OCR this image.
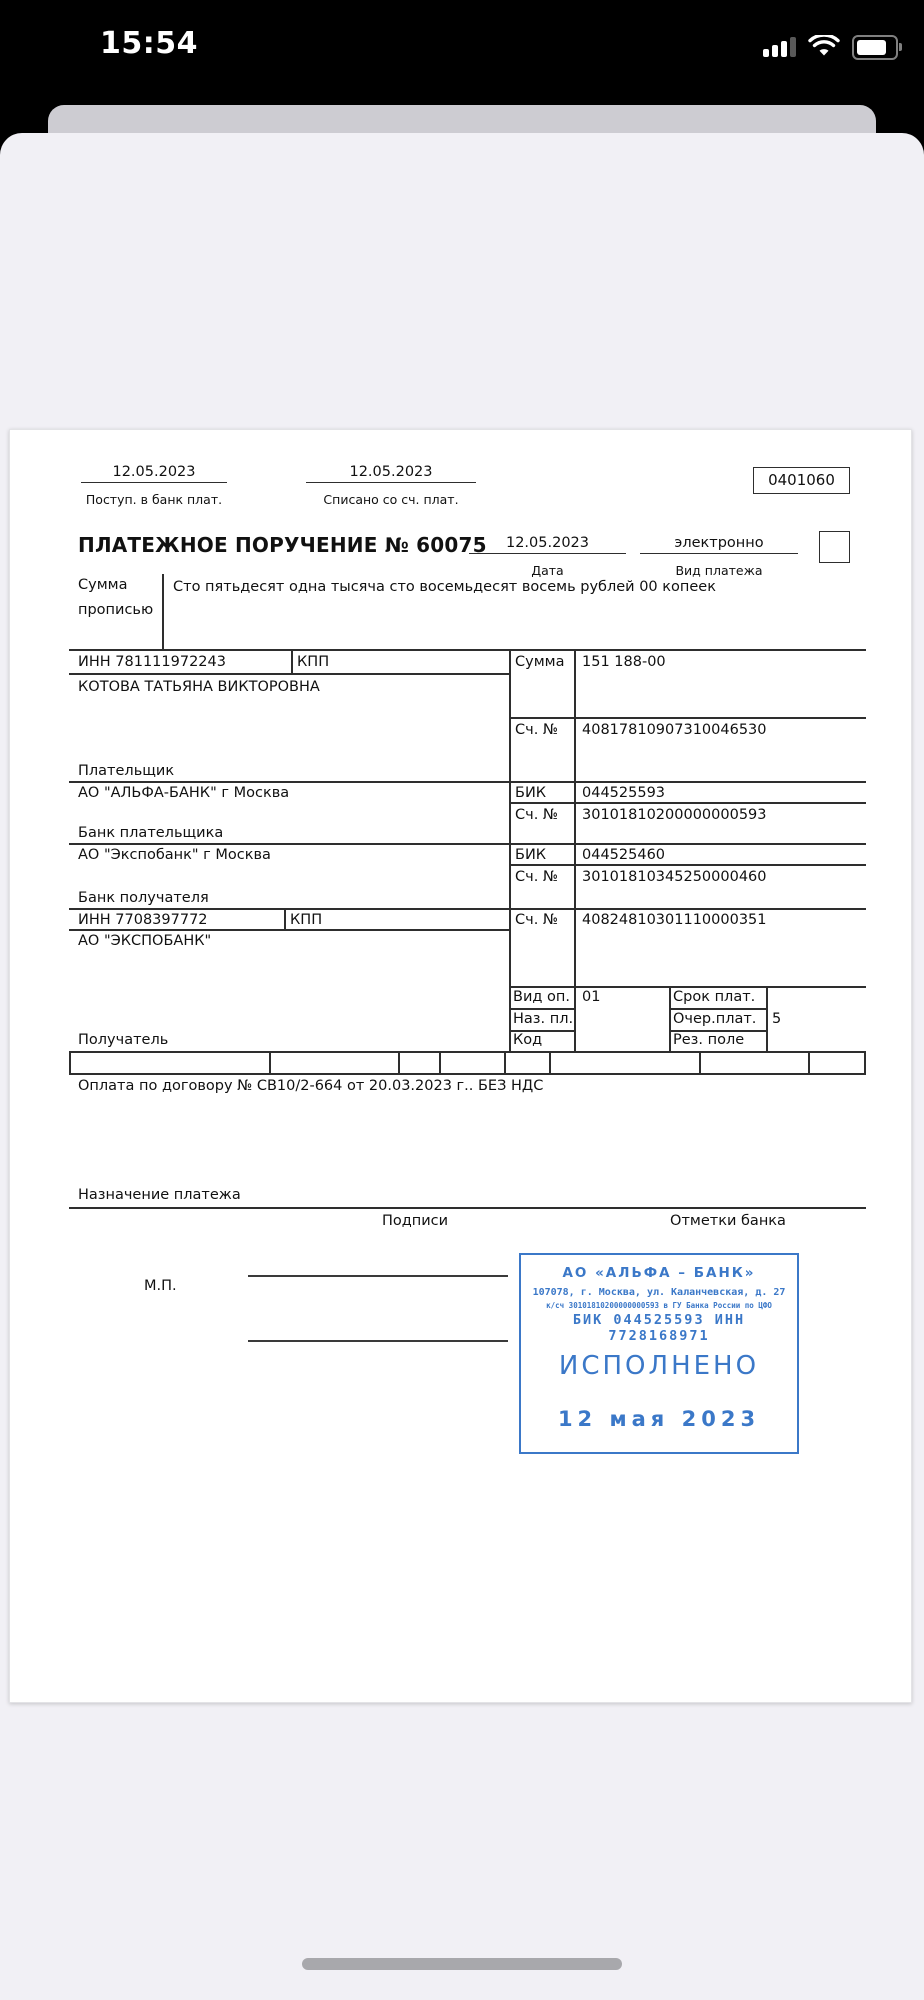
15:54
12.05.2023
Поступ. в банк плат.
12.05.2023
Списано со сч. плат.
0401060
ПЛАТЕЖНОЕ ПОРУЧЕНИЕ № 60075	12.05.2023
Дата
электронно
Вид платежа
Сумма
прописью
Сто пятьдесят одна тысяча сто восемьдесят восемь рублей 00 копеек
ИНН 781111972243	КПП	Сумма 151 188-00
КОТОВА ТАТЬЯНА ВИКТОРОВНА
Сч. № 40817810907310046530
Плательщик
АО "АЛЬФА-БАНК" г Москва	БИК 044525593
Сч. № 30101810200000000593
Банк плательщика
АО "Экспобанк" г Москва	БИК 044525460
Сч. № 30101810345250000460
Банк получателя
ИНН 7708397772	КПП	Сч. № 40824810301110000351
АО "ЭКСПОБАНК"
Вид оп. 01	Срок плат.
Наз. пл.	Очер.плат. 5
Код	Рез. поле
Получатель
Оплата по договору № СВ10/2-664 от 20.03.2023 г.. БЕЗ НДС
Назначение платежа
Подписи	Отметки банка
М.П.
АО «АЛЬФА – БАНК»
107078, г. Москва, ул. Каланчевская, д. 27
к/сч 30101810200000000593 в ГУ Банка России по ЦФО
БИК 044525593 ИНН 7728168971
ИСПОЛНЕНО
12 мая 2023
